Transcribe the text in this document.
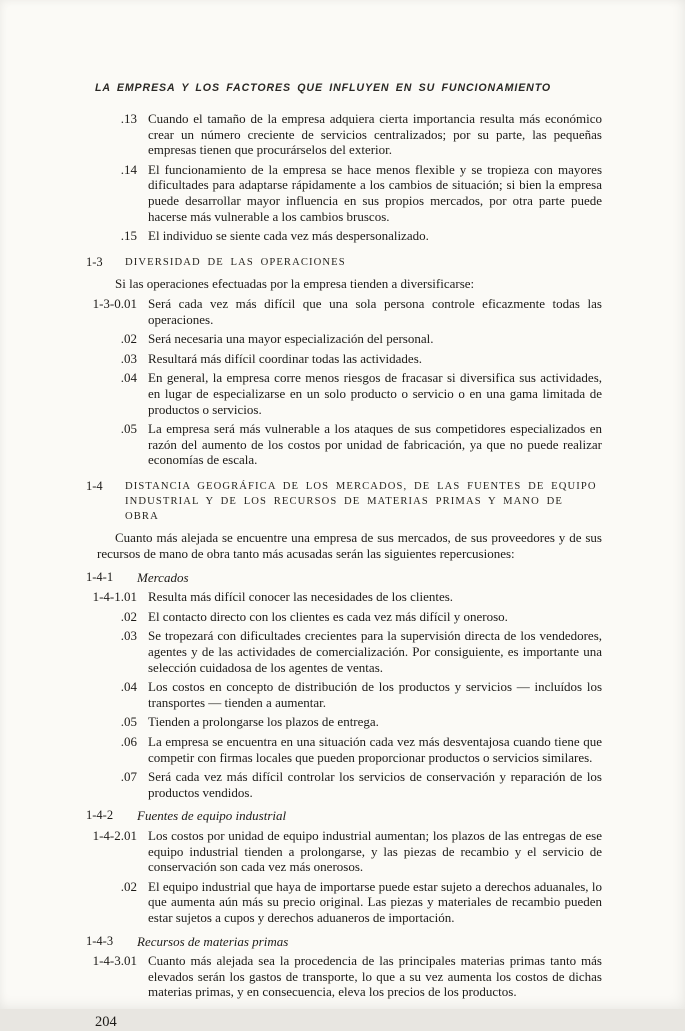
LA EMPRESA Y LOS FACTORES QUE INFLUYEN EN SU FUNCIONAMIENTO
.13 Cuando el tamaño de la empresa adquiera cierta importancia resulta más económico crear un número creciente de servicios centralizados; por su parte, las pequeñas empresas tienen que procurárselos del exterior.
.14 El funcionamiento de la empresa se hace menos flexible y se tropieza con mayores dificultades para adaptarse rápidamente a los cambios de situación; si bien la empresa puede desarrollar mayor influencia en sus propios mercados, por otra parte puede hacerse más vulnerable a los cambios bruscos.
.15 El individuo se siente cada vez más despersonalizado.
1-3	DIVERSIDAD DE LAS OPERACIONES
Si las operaciones efectuadas por la empresa tienden a diversificarse:
1-3-0.01 Será cada vez más difícil que una sola persona controle eficazmente todas las operaciones.
.02 Será necesaria una mayor especialización del personal.
.03 Resultará más difícil coordinar todas las actividades.
.04 En general, la empresa corre menos riesgos de fracasar si diversifica sus actividades, en lugar de especializarse en un solo producto o servicio o en una gama limitada de productos o servicios.
.05 La empresa será más vulnerable a los ataques de sus competidores especializados en razón del aumento de los costos por unidad de fabricación, ya que no puede realizar economías de escala.
1-4	DISTANCIA GEOGRÁFICA DE LOS MERCADOS, DE LAS FUENTES DE EQUIPO INDUSTRIAL Y DE LOS RECURSOS DE MATERIAS PRIMAS Y MANO DE OBRA
Cuanto más alejada se encuentre una empresa de sus mercados, de sus proveedores y de sus recursos de mano de obra tanto más acusadas serán las siguientes repercusiones:
1-4-1	Mercados
1-4-1.01 Resulta más difícil conocer las necesidades de los clientes.
.02 El contacto directo con los clientes es cada vez más difícil y oneroso.
.03 Se tropezará con dificultades crecientes para la supervisión directa de los vendedores, agentes y de las actividades de comercialización. Por consiguiente, es importante una selección cuidadosa de los agentes de ventas.
.04 Los costos en concepto de distribución de los productos y servicios — incluídos los transportes — tienden a aumentar.
.05 Tienden a prolongarse los plazos de entrega.
.06 La empresa se encuentra en una situación cada vez más desventajosa cuando tiene que competir con firmas locales que pueden proporcionar productos o servicios similares.
.07 Será cada vez más difícil controlar los servicios de conservación y reparación de los productos vendidos.
1-4-2	Fuentes de equipo industrial
1-4-2.01 Los costos por unidad de equipo industrial aumentan; los plazos de las entregas de ese equipo industrial tienden a prolongarse, y las piezas de recambio y el servicio de conservación son cada vez más onerosos.
.02 El equipo industrial que haya de importarse puede estar sujeto a derechos aduanales, lo que aumenta aún más su precio original. Las piezas y materiales de recambio pueden estar sujetos a cupos y derechos aduaneros de importación.
1-4-3	Recursos de materias primas
1-4-3.01 Cuanto más alejada sea la procedencia de las principales materias primas tanto más elevados serán los gastos de transporte, lo que a su vez aumenta los costos de dichas materias primas, y en consecuencia, eleva los precios de los productos.
204
